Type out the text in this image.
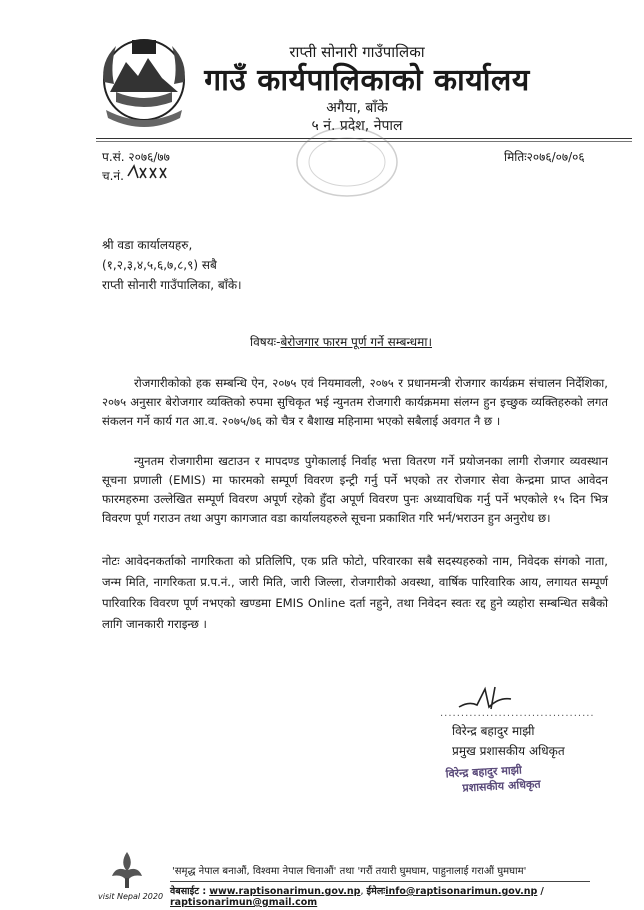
राप्ती सोनारी गाउँपालिका
गाउँ कार्यपालिकाको कार्यालय
अगैया, बाँके
५ नं. प्रदेश, नेपाल
प.सं. २०७६/७७	मितिः२०७६/०७/०६
च.नं.
श्री वडा कार्यालयहरु,
(१,२,३,४,५,६,७,८,९) सबै
राप्ती सोनारी गाउँपालिका, बाँके।
विषयः-बेरोजगार फारम पूर्ण गर्ने सम्बन्धमा।

रोजगारीकोको हक सम्बन्धि ऐन, २०७५ एवं नियमावली, २०७५ र प्रधानमन्त्री रोजगार कार्यक्रम संचालन निर्देशिका, २०७५ अनुसार बेरोजगार व्यक्तिको रुपमा सुचिकृत भई न्युनतम रोजगारी कार्यक्रममा संलग्न हुन इच्छुक व्यक्तिहरुको लगत संकलन गर्ने कार्य गत आ.व. २०७५/७६ को चैत्र र बैशाख महिनामा भएको सबैलाई अवगत नै छ ।

न्युनतम रोजगारीमा खटाउन र मापदण्ड पुगेकालाई निर्वाह भत्ता वितरण गर्ने प्रयोजनका लागी रोजगार व्यवस्थान सूचना प्रणाली (EMIS) मा फारमको सम्पूर्ण विवरण इन्ट्री गर्नु पर्ने भएको तर रोजगार सेवा केन्द्रमा प्राप्त आवेदन फारमहरुमा उल्लेखित सम्पूर्ण विवरण अपूर्ण रहेको हुँदा अपूर्ण विवरण पुनः अध्यावधिक गर्नु पर्ने भएकोले १५ दिन भित्र विवरण पूर्ण गराउन तथा अपुग कागजात वडा कार्यालयहरुले सूचना प्रकाशित गरि भर्न/भराउन हुन अनुरोध छ।

नोटः आवेदनकर्ताको नागरिकता को प्रतिलिपि, एक प्रति फोटो, परिवारका सबै सदस्यहरुको नाम, निवेदक संगको नाता, जन्म मिति, नागरिकता प्र.प.नं., जारी मिति, जारी जिल्ला, रोजगारीको अवस्था, वार्षिक पारिवारिक आय, लगायत सम्पूर्ण पारिवारिक विवरण पूर्ण नभएको खण्डमा EMIS Online दर्ता नहुने, तथा निवेदन स्वतः रद्द हुने व्यहोरा सम्बन्धित सबैको लागि जानकारी गराइन्छ ।
.....................................
विरेन्द्र बहादुर माझी
प्रमुख प्रशासकीय अधिकृत
विरेन्द्र बहादुर माझी
प्रशासकीय अधिकृत
visit Nepal 2020
'समृद्ध नेपाल बनाऔं, विश्वमा नेपाल चिनाऔं' तथा 'गरौं तयारी घुमघाम, पाहुनालाई गराऔं घुमघाम'
वेबसाईट : www.raptisonarimun.gov.np, ईमेलःinfo@raptisonarimun.gov.np / raptisonarimun@gmail.com
